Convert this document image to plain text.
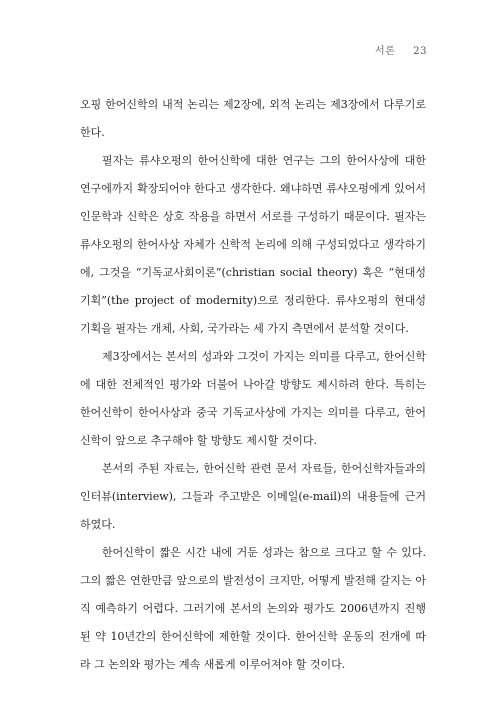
서론 23

오핑 한어신학의 내적 논리는 제2장에, 외적 논리는 제3장에서 다루기로 한다.

필자는 류샤오펑의 한어신학에 대한 연구는 그의 한어사상에 대한 연구에까지 확장되어야 한다고 생각한다. 왜냐하면 류샤오펑에게 있어서 인문학과 신학은 상호 작용을 하면서 서로를 구성하기 때문이다. 필자는 류샤오펑의 한어사상 자체가 신학적 논리에 의해 구성되었다고 생각하기에, 그것을 “기독교사회이론”(christian social theory) 혹은 “현대성 기획”(the project of modernity)으로 정리한다. 류샤오펑의 현대성 기획을 필자는 개체, 사회, 국가라는 세 가지 측면에서 분석할 것이다.

제3장에서는 본서의 성과와 그것이 가지는 의미를 다루고, 한어신학에 대한 전체적인 평가와 더불어 나아갈 방향도 제시하려 한다. 특히는 한어신학이 한어사상과 중국 기독교사상에 가지는 의미를 다루고, 한어신학이 앞으로 추구해야 할 방향도 제시할 것이다.

본서의 주된 자료는, 한어신학 관련 문서 자료들, 한어신학자들과의 인터뷰(interview), 그들과 주고받은 이메일(e-mail)의 내용들에 근거하였다.

한어신학이 짧은 시간 내에 거둔 성과는 참으로 크다고 할 수 있다. 그의 짧은 연한만큼 앞으로의 발전성이 크지만, 어떻게 발전해 갈지는 아직 예측하기 어렵다. 그러기에 본서의 논의와 평가도 2006년까지 진행된 약 10년간의 한어신학에 제한할 것이다. 한어신학 운동의 전개에 따라 그 논의와 평가는 계속 새롭게 이루어져야 할 것이다.
